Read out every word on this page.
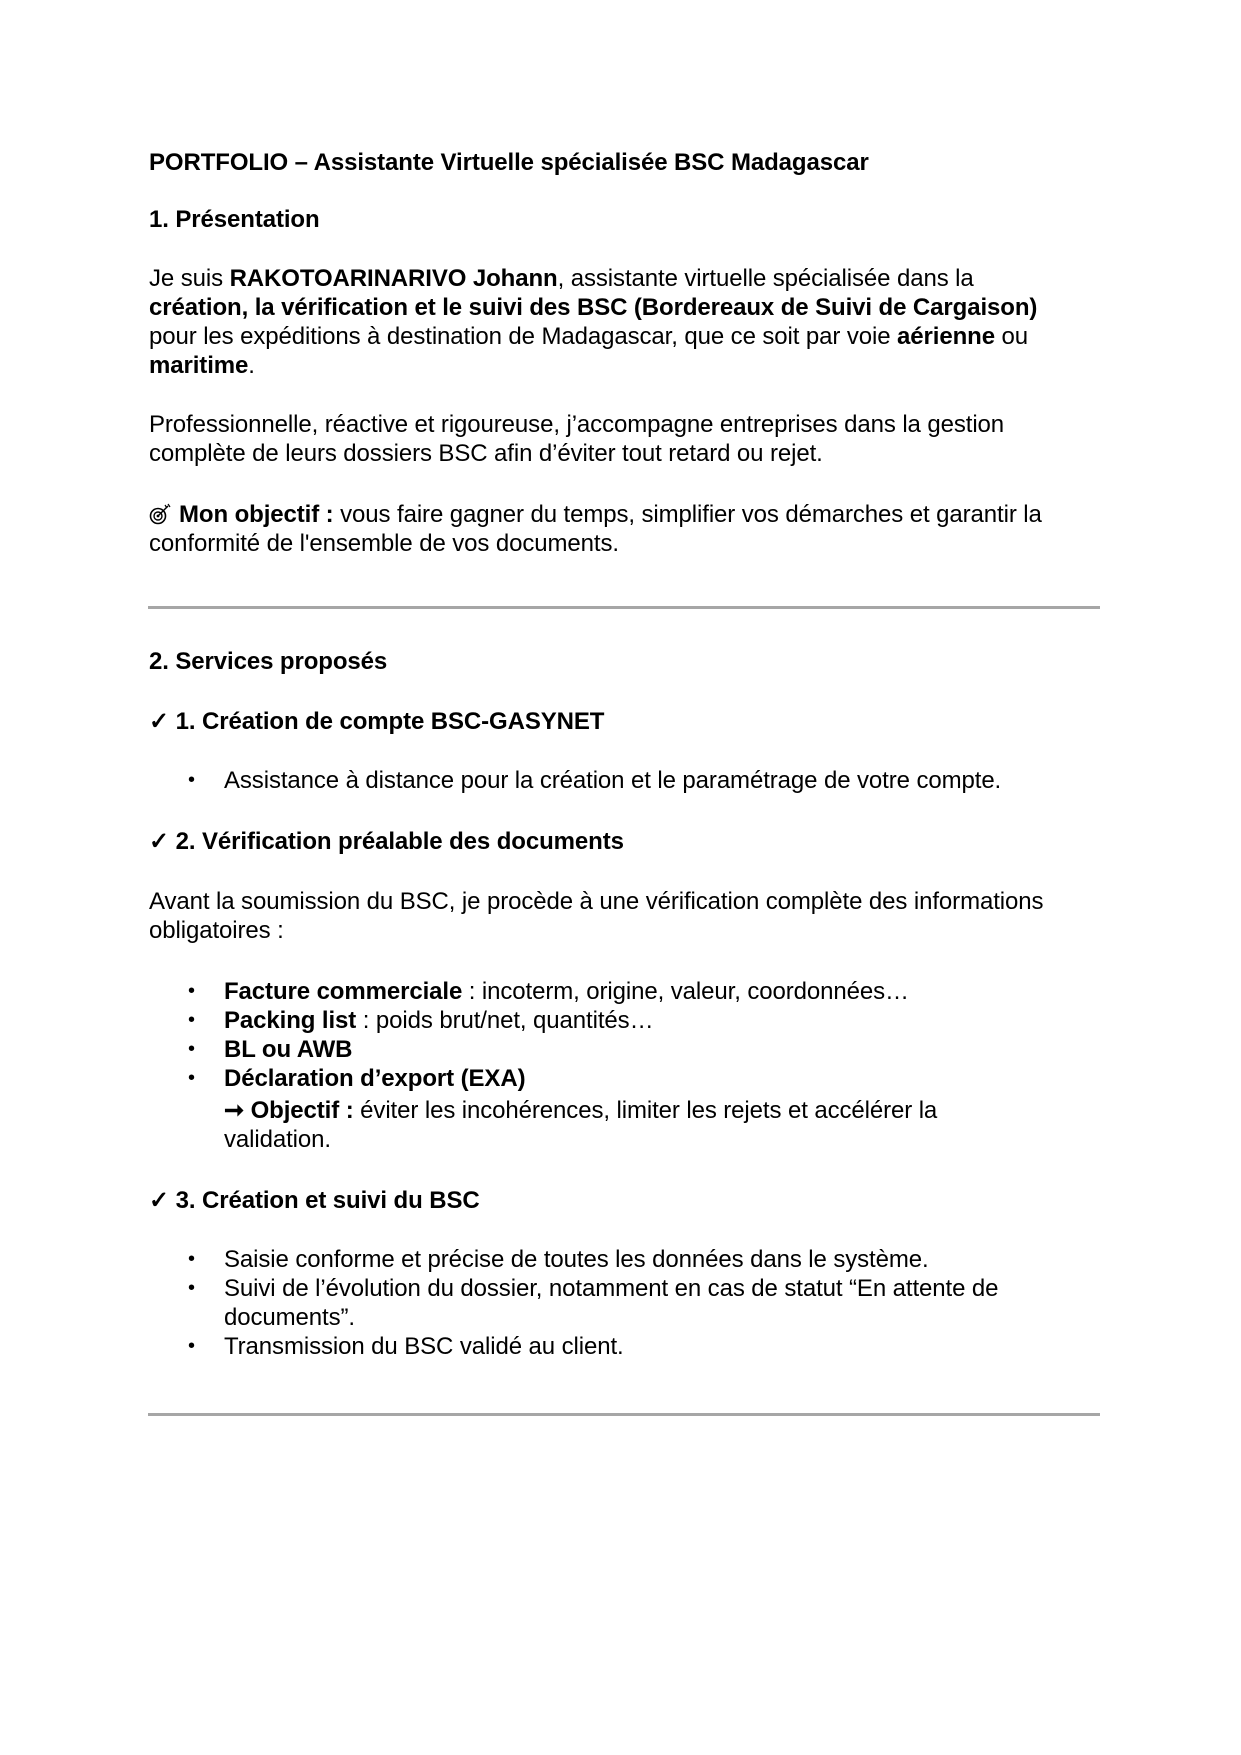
PORTFOLIO – Assistante Virtuelle spécialisée BSC Madagascar
1. Présentation
Je suis RAKOTOARINARIVO Johann, assistante virtuelle spécialisée dans la
création, la vérification et le suivi des BSC (Bordereaux de Suivi de Cargaison)
pour les expéditions à destination de Madagascar, que ce soit par voie aérienne ou
maritime.
Professionnelle, réactive et rigoureuse, j’accompagne entreprises dans la gestion
complète de leurs dossiers BSC afin d’éviter tout retard ou rejet.
Mon objectif : vous faire gagner du temps, simplifier vos démarches et garantir la
conformité de l'ensemble de vos documents.
2. Services proposés
✓ 1. Création de compte BSC-GASYNET
• Assistance à distance pour la création et le paramétrage de votre compte.
✓ 2. Vérification préalable des documents
Avant la soumission du BSC, je procède à une vérification complète des informations
obligatoires :
• Facture commerciale : incoterm, origine, valeur, coordonnées…
• Packing list : poids brut/net, quantités…
• BL ou AWB
• Déclaration d’export (EXA)
➞ Objectif : éviter les incohérences, limiter les rejets et accélérer la
validation.
✓ 3. Création et suivi du BSC
• Saisie conforme et précise de toutes les données dans le système.
• Suivi de l’évolution du dossier, notamment en cas de statut “En attente de
documents”.
• Transmission du BSC validé au client.
